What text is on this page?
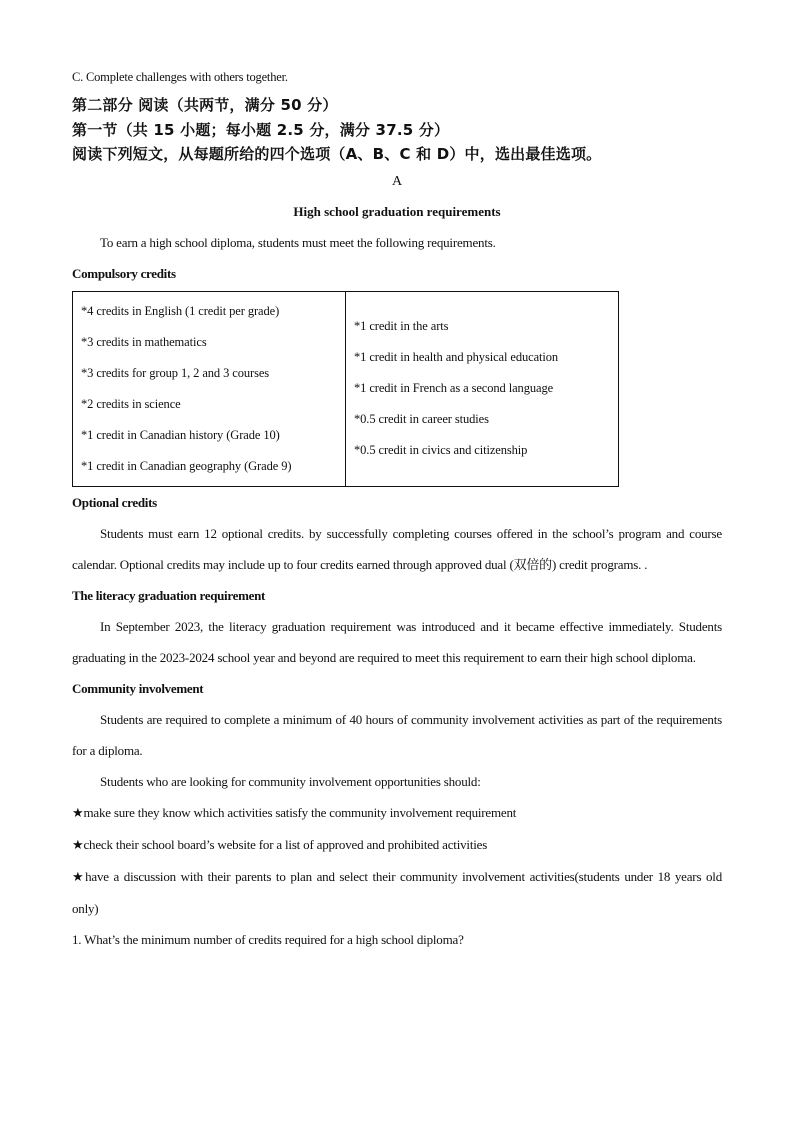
C. Complete challenges with others together.

第二部分 阅读（共两节，满分 50 分）

第一节（共 15 小题；每小题 2.5 分，满分 37.5 分）

阅读下列短文，从每题所给的四个选项（A、B、C 和 D）中，选出最佳选项。

A

High school graduation requirements

To earn a high school diploma, students must meet the following requirements.

Compulsory credits

*4 credits in English (1 credit per grade)
*3 credits in mathematics
*3 credits for group 1, 2 and 3 courses
*2 credits in science
*1 credit in Canadian history (Grade 10)
*1 credit in Canadian geography (Grade 9)

*1 credit in the arts
*1 credit in health and physical education
*1 credit in French as a second language
*0.5 credit in career studies
*0.5 credit in civics and citizenship

Optional credits

Students must earn 12 optional credits. by successfully completing courses offered in the school’s program and course calendar. Optional credits may include up to four credits earned through approved dual (双倍的) credit programs. .

The literacy graduation requirement

In September 2023, the literacy graduation requirement was introduced and it became effective immediately. Students graduating in the 2023-2024 school year and beyond are required to meet this requirement to earn their high school diploma.

Community involvement

Students are required to complete a minimum of 40 hours of community involvement activities as part of the requirements for a diploma.

Students who are looking for community involvement opportunities should:

★make sure they know which activities satisfy the community involvement requirement

★check their school board’s website for a list of approved and prohibited activities

★have a discussion with their parents to plan and select their community involvement activities(students under 18 years old only)

1. What’s the minimum number of credits required for a high school diploma?
